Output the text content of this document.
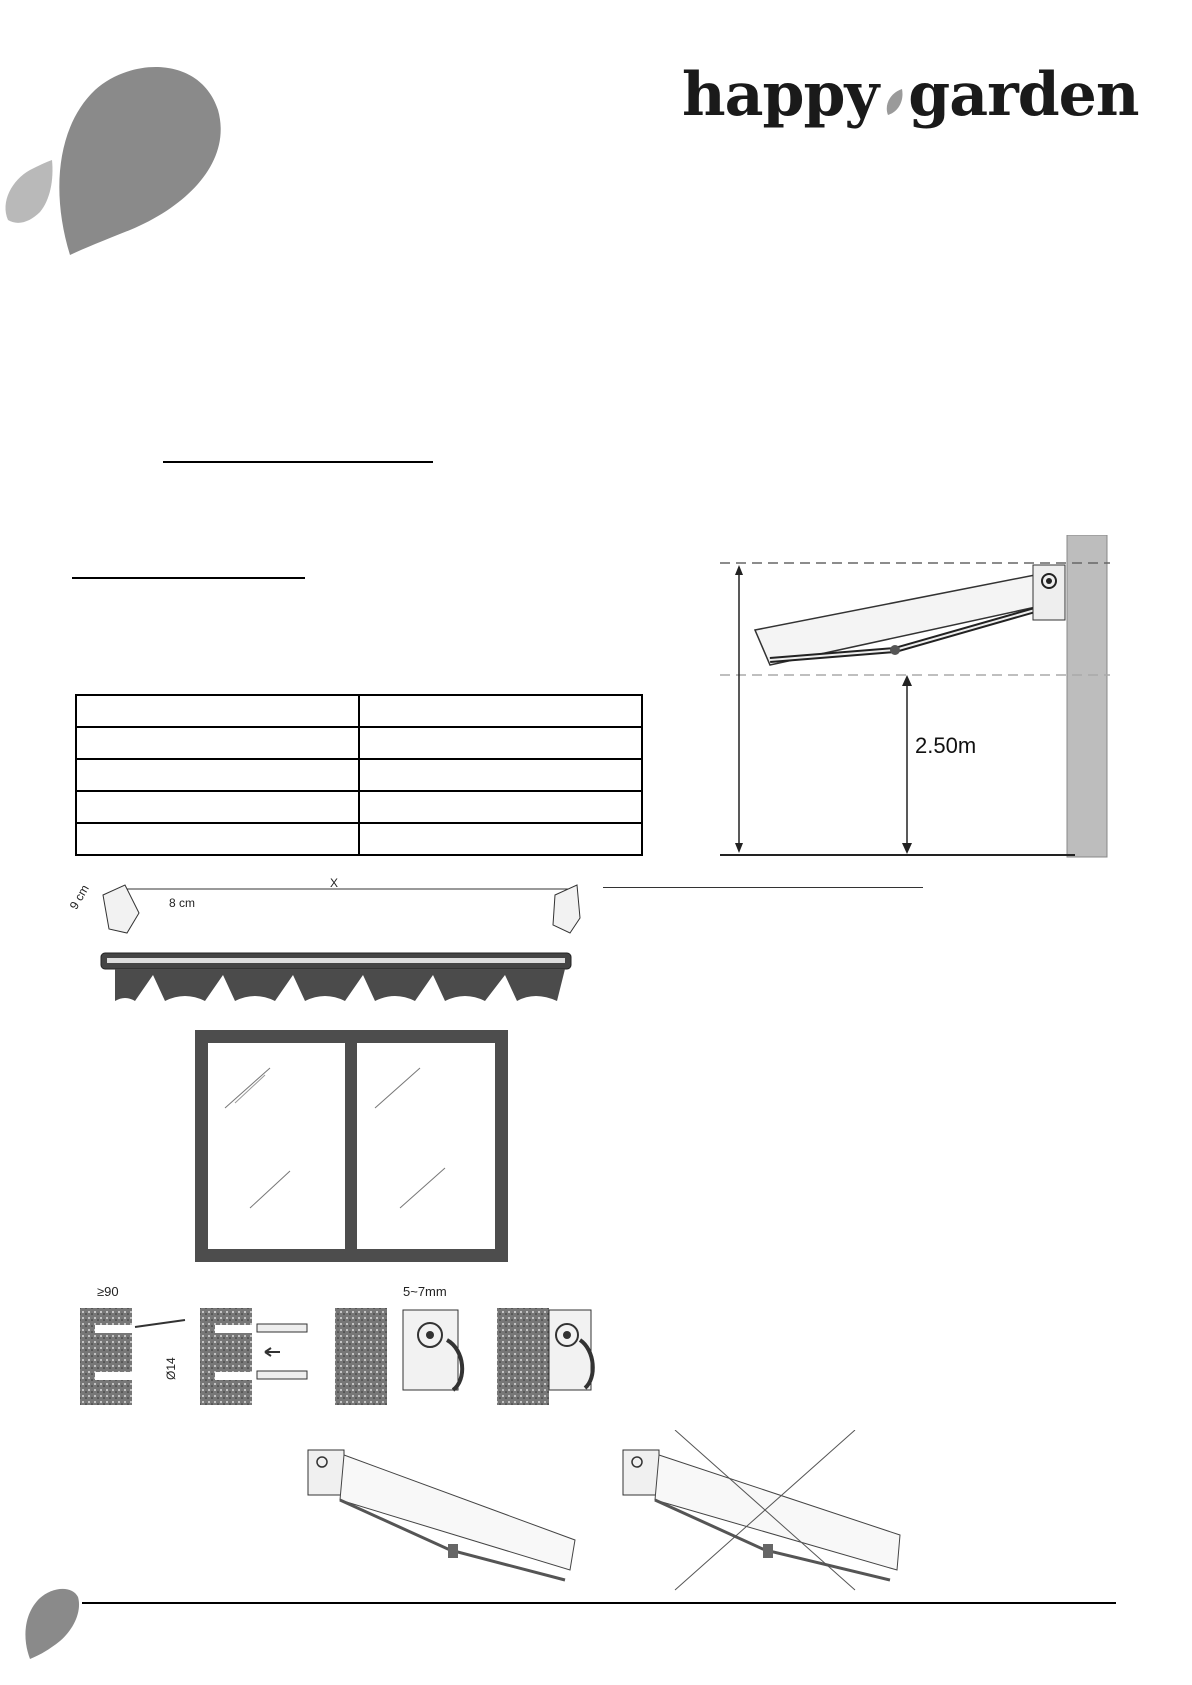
happy garden

2.50m
X
9 cm	8 cm
≥90
Ø14
5~7mm
